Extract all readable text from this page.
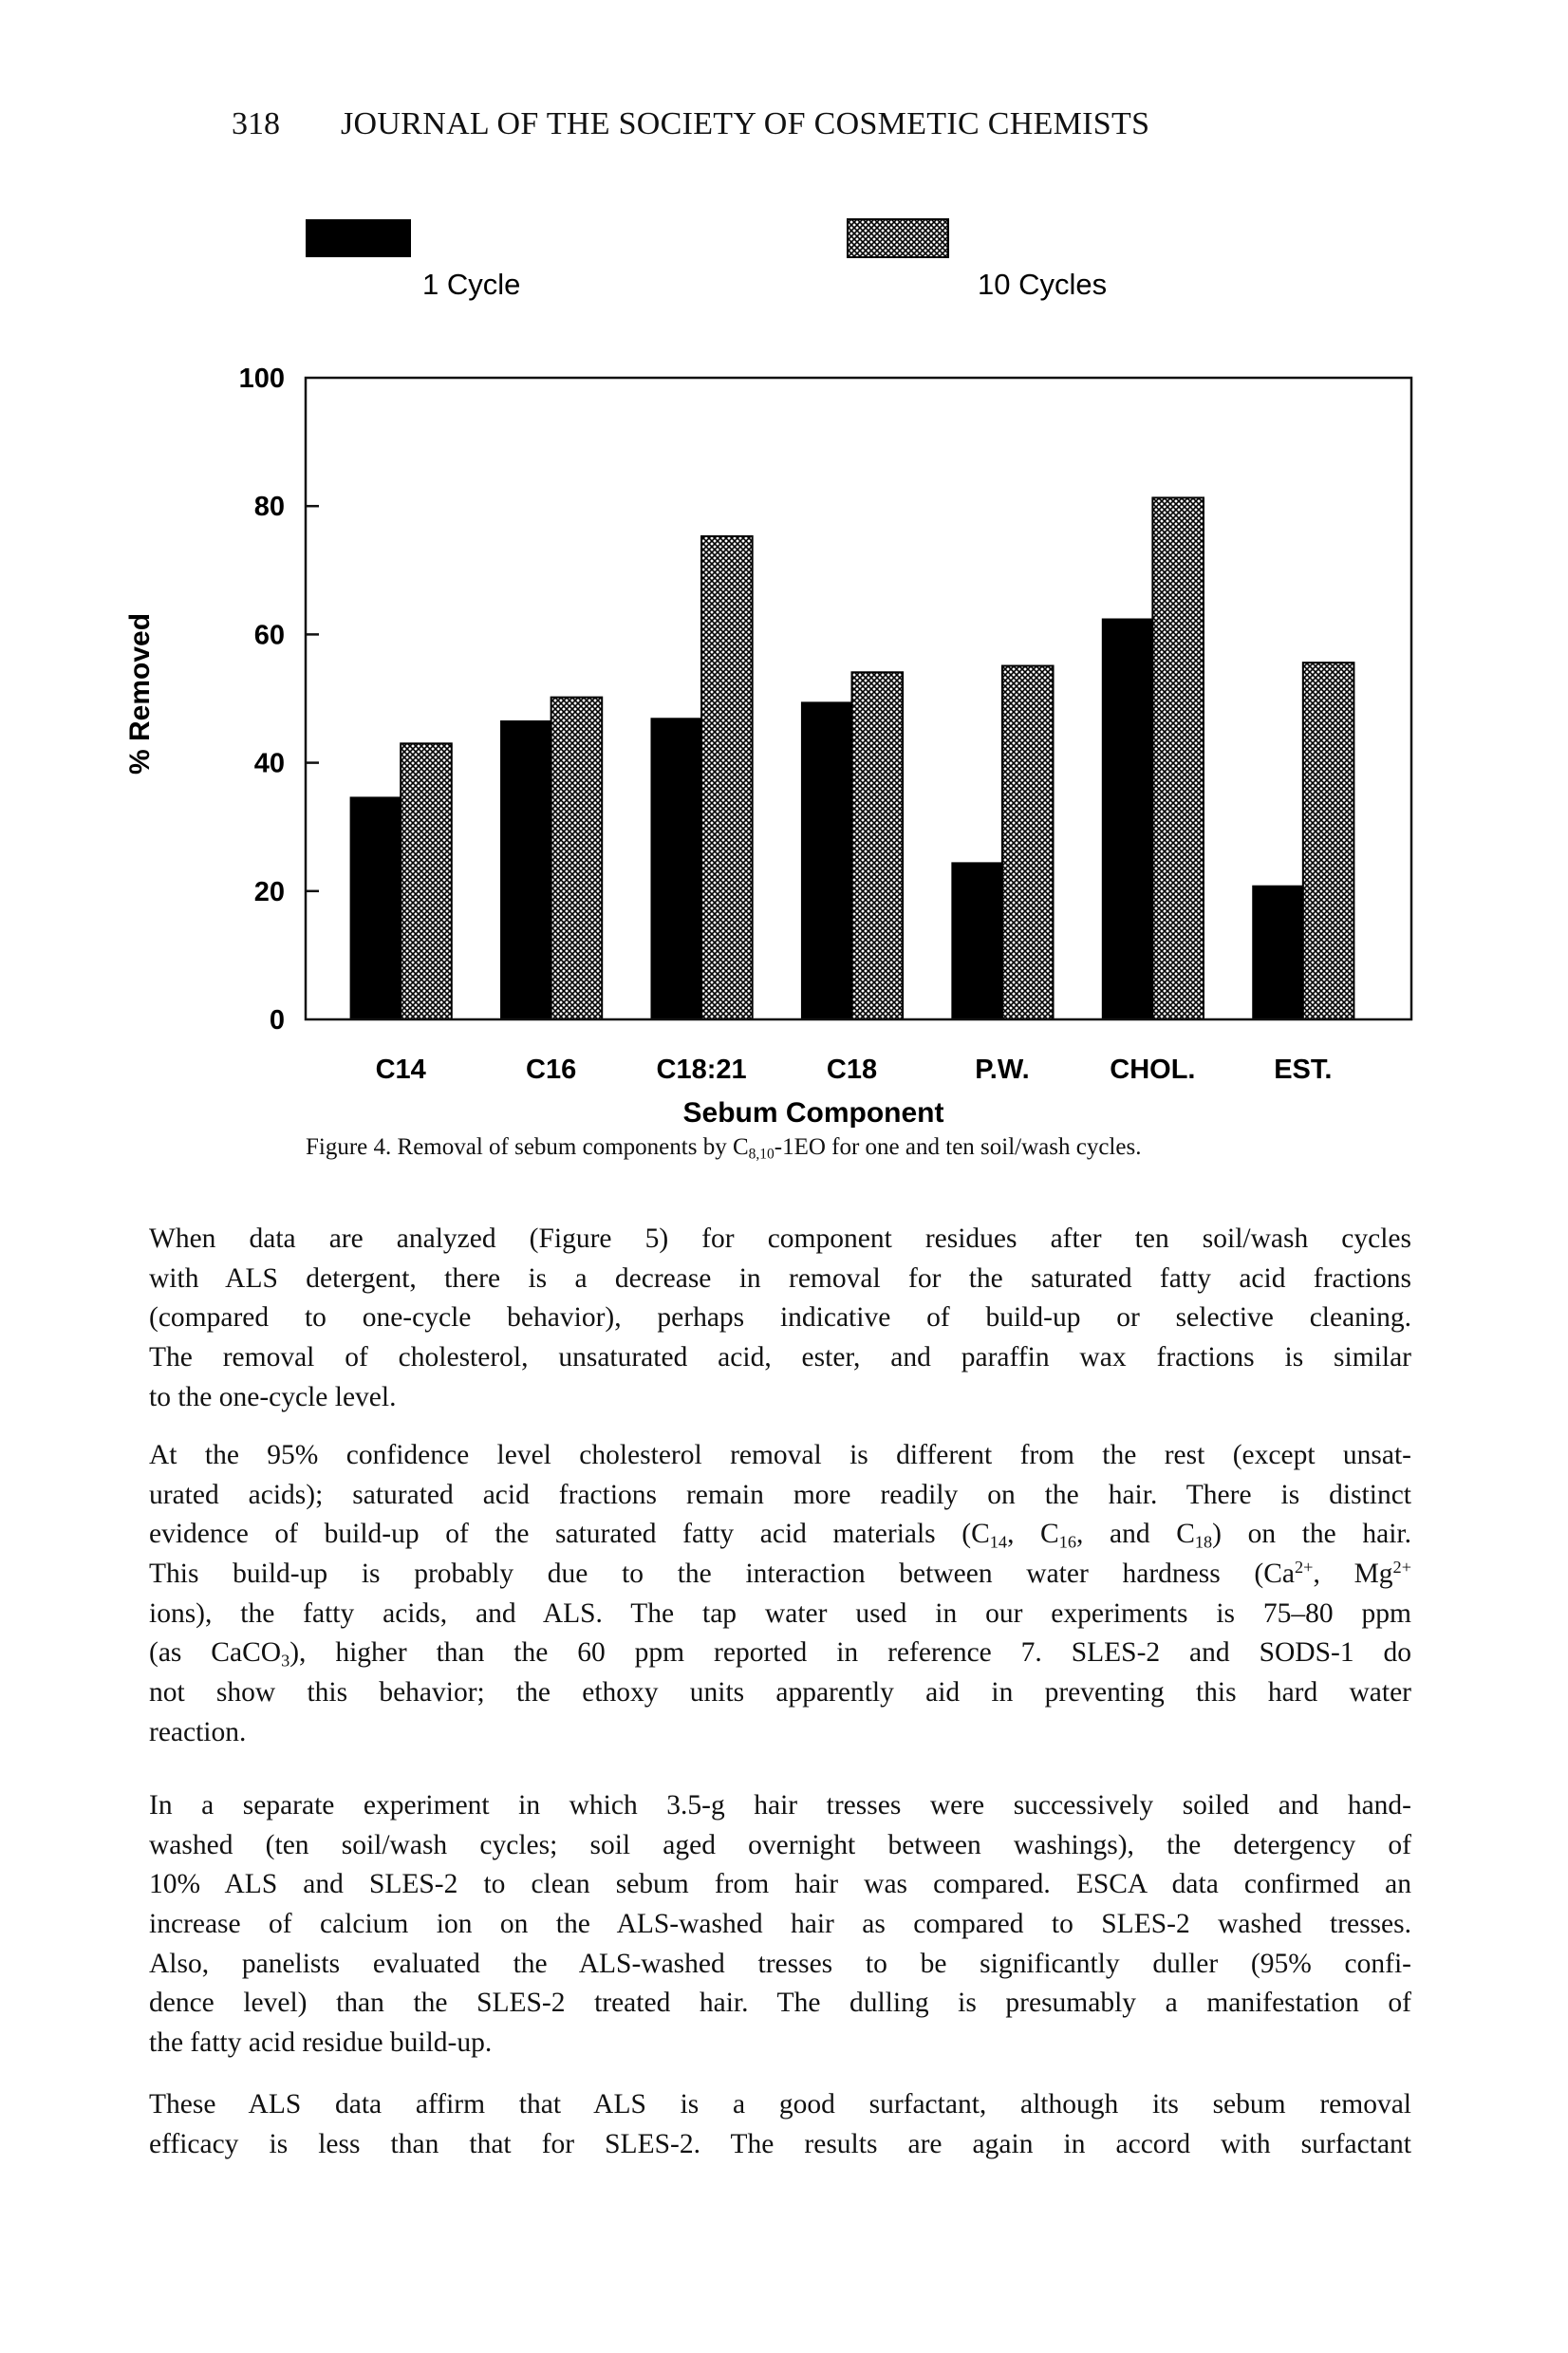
318 JOURNAL OF THE SOCIETY OF COSMETIC CHEMISTS
1 Cycle	10 Cycles
C14	C16	C18:21	C18	P.W.	CHOL.	EST.
0
20
40
60
80
100
% Removed
Sebum Component
Figure 4. Removal of sebum components by $C_{8,10}-1EO$ for one and ten soil/wash cycles.
When data are analyzed (Figure 5) for component residues after ten soil/wash cycles
with ALS detergent, there is a decrease in removal for the saturated fatty acid fractions
(compared to one-cycle behavior), perhaps indicative of build-up or selective cleaning.
The removal of cholesterol, unsaturated acid, ester, and paraffin wax fractions is similar
to the one-cycle level.
At the 95% confidence level cholesterol removal is different from the rest (except unsat-
urated acids); saturated acid fractions remain more readily on the hair. There is distinct
evidence of build-up of the saturated fatty acid materials ($C_{14}$, $C_{16}$, and $C_{18}$) on the hair.
This build-up is probably due to the interaction between water hardness ($Ca^{2+}$, $Mg^{2+}$
ions), the fatty acids, and ALS. The tap water used in our experiments is 75–80 ppm
(as CaCO$_3$), higher than the 60 ppm reported in reference 7. SLES-2 and SODS-1 do
not show this behavior; the ethoxy units apparently aid in preventing this hard water
reaction.
In a separate experiment in which 3.5-g hair tresses were successively soiled and hand-
washed (ten soil/wash cycles; soil aged overnight between washings), the detergency of
10% ALS and SLES-2 to clean sebum from hair was compared. ESCA data confirmed an
increase of calcium ion on the ALS-washed hair as compared to SLES-2 washed tresses.
Also, panelists evaluated the ALS-washed tresses to be significantly duller (95% confi-
dence level) than the SLES-2 treated hair. The dulling is presumably a manifestation of
the fatty acid residue build-up.
These ALS data affirm that ALS is a good surfactant, although its sebum removal
efficacy is less than that for SLES-2. The results are again in accord with surfactant
